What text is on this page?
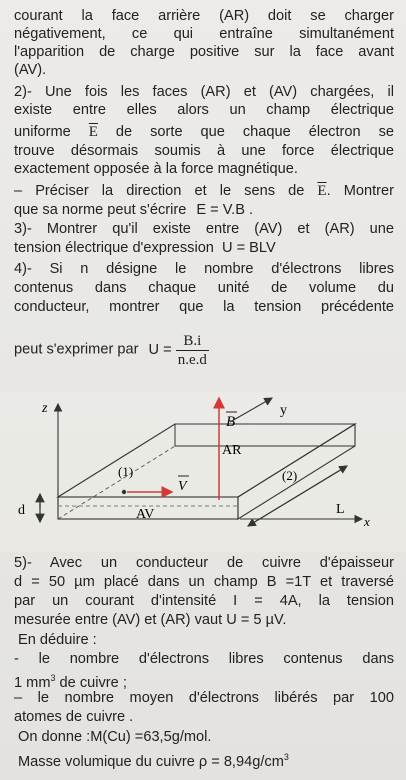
courant la face arrière (AR) doit se charger

négativement, ce qui entraîne simultanément

l'apparition de charge positive sur la face avant

(AV).

2)- Une fois les faces (AR) et (AV) chargées, il

existe entre elles alors un champ électrique

uniforme $\overline{E}$ de sorte que chaque électron se

trouve désormais soumis à une force électrique

exactement opposée à la force magnétique.

– Préciser la direction et le sens de $\overline{E}$. Montrer

que sa norme peut s'écrire E = V.B .

3)- Montrer qu'il existe entre (AV) et (AR) une

tension électrique d'expression U = BLV

4)- Si n désigne le nombre d'électrons libres

contenus dans chaque unité de volume du

conducteur, montrer que la tension précédente

peut s'exprimer par $U = \frac{B.i}{n.e.d}$
z
B
y
AR
(1)
V
(2)
L
x
d	AV

5)- Avec un conducteur de cuivre d'épaisseur

d = 50 µm placé dans un champ B =1T et traversé

par un courant d'intensité I = 4A, la tension

mesurée entre (AV) et (AR) vaut U = 5 µV.

En déduire :

- le nombre d'électrons libres contenus dans

1 $mm^3$ de cuivre ;

– le nombre moyen d'électrons libérés par 100

atomes de cuivre .

On donne :M(Cu) =63,5g/mol.

Masse volumique du cuivre $\rho = 8,94g/cm^3$
